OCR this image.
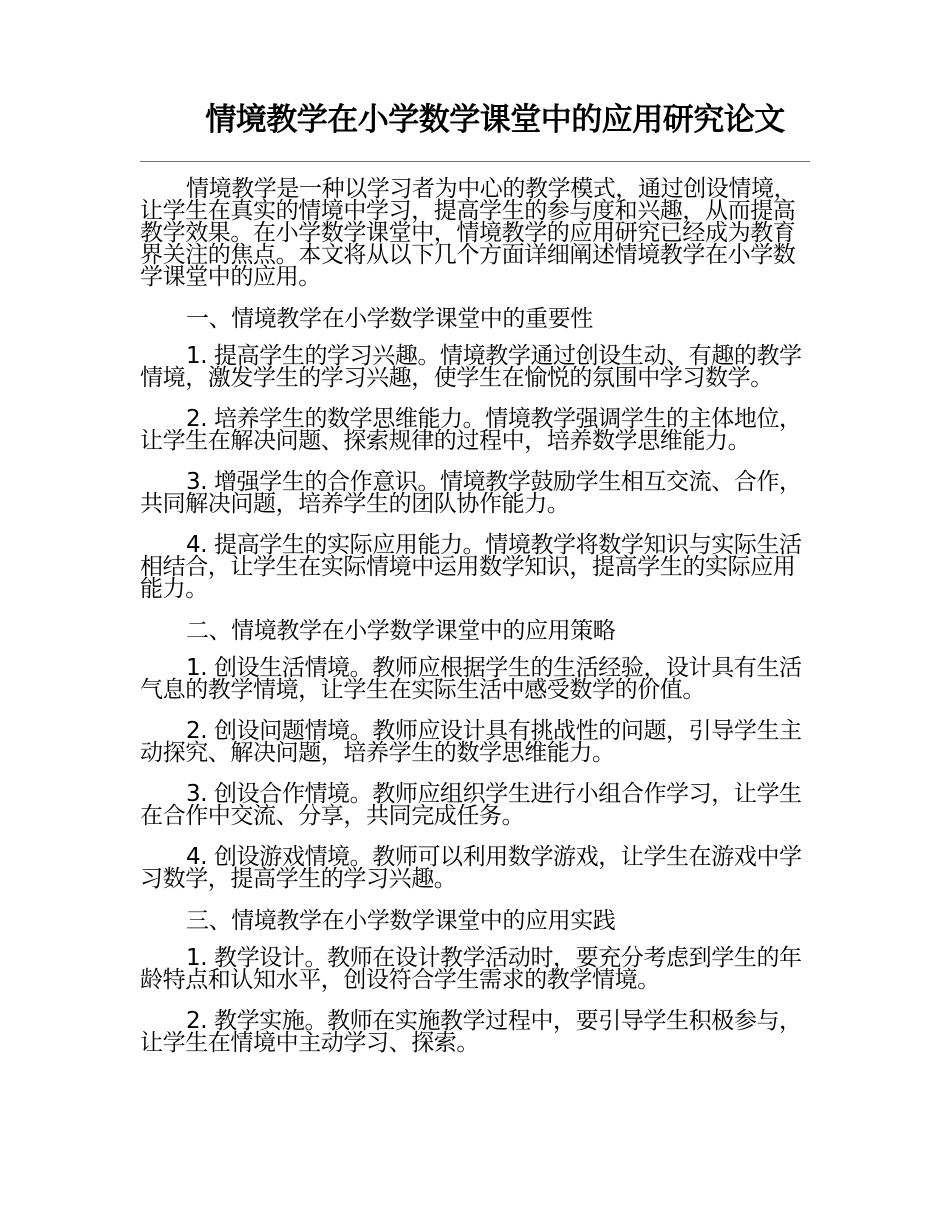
情境教学在小学数学课堂中的应用研究论文

情境教学是一种以学习者为中心的教学模式，通过创设情境，让学生在真实的情境中学习，提高学生的参与度和兴趣，从而提高教学效果。在小学数学课堂中，情境教学的应用研究已经成为教育界关注的焦点。本文将从以下几个方面详细阐述情境教学在小学数学课堂中的应用。

一、情境教学在小学数学课堂中的重要性

1. 提高学生的学习兴趣。情境教学通过创设生动、有趣的教学情境，激发学生的学习兴趣，使学生在愉悦的氛围中学习数学。

2. 培养学生的数学思维能力。情境教学强调学生的主体地位，让学生在解决问题、探索规律的过程中，培养数学思维能力。

3. 增强学生的合作意识。情境教学鼓励学生相互交流、合作，共同解决问题，培养学生的团队协作能力。

4. 提高学生的实际应用能力。情境教学将数学知识与实际生活相结合，让学生在实际情境中运用数学知识，提高学生的实际应用能力。

二、情境教学在小学数学课堂中的应用策略

1. 创设生活情境。教师应根据学生的生活经验，设计具有生活气息的教学情境，让学生在实际生活中感受数学的价值。

2. 创设问题情境。教师应设计具有挑战性的问题，引导学生主动探究、解决问题，培养学生的数学思维能力。

3. 创设合作情境。教师应组织学生进行小组合作学习，让学生在合作中交流、分享，共同完成任务。

4. 创设游戏情境。教师可以利用数学游戏，让学生在游戏中学习数学，提高学生的学习兴趣。

三、情境教学在小学数学课堂中的应用实践

1. 教学设计。教师在设计教学活动时，要充分考虑到学生的年龄特点和认知水平，创设符合学生需求的教学情境。

2. 教学实施。教师在实施教学过程中，要引导学生积极参与，让学生在情境中主动学习、探索。
